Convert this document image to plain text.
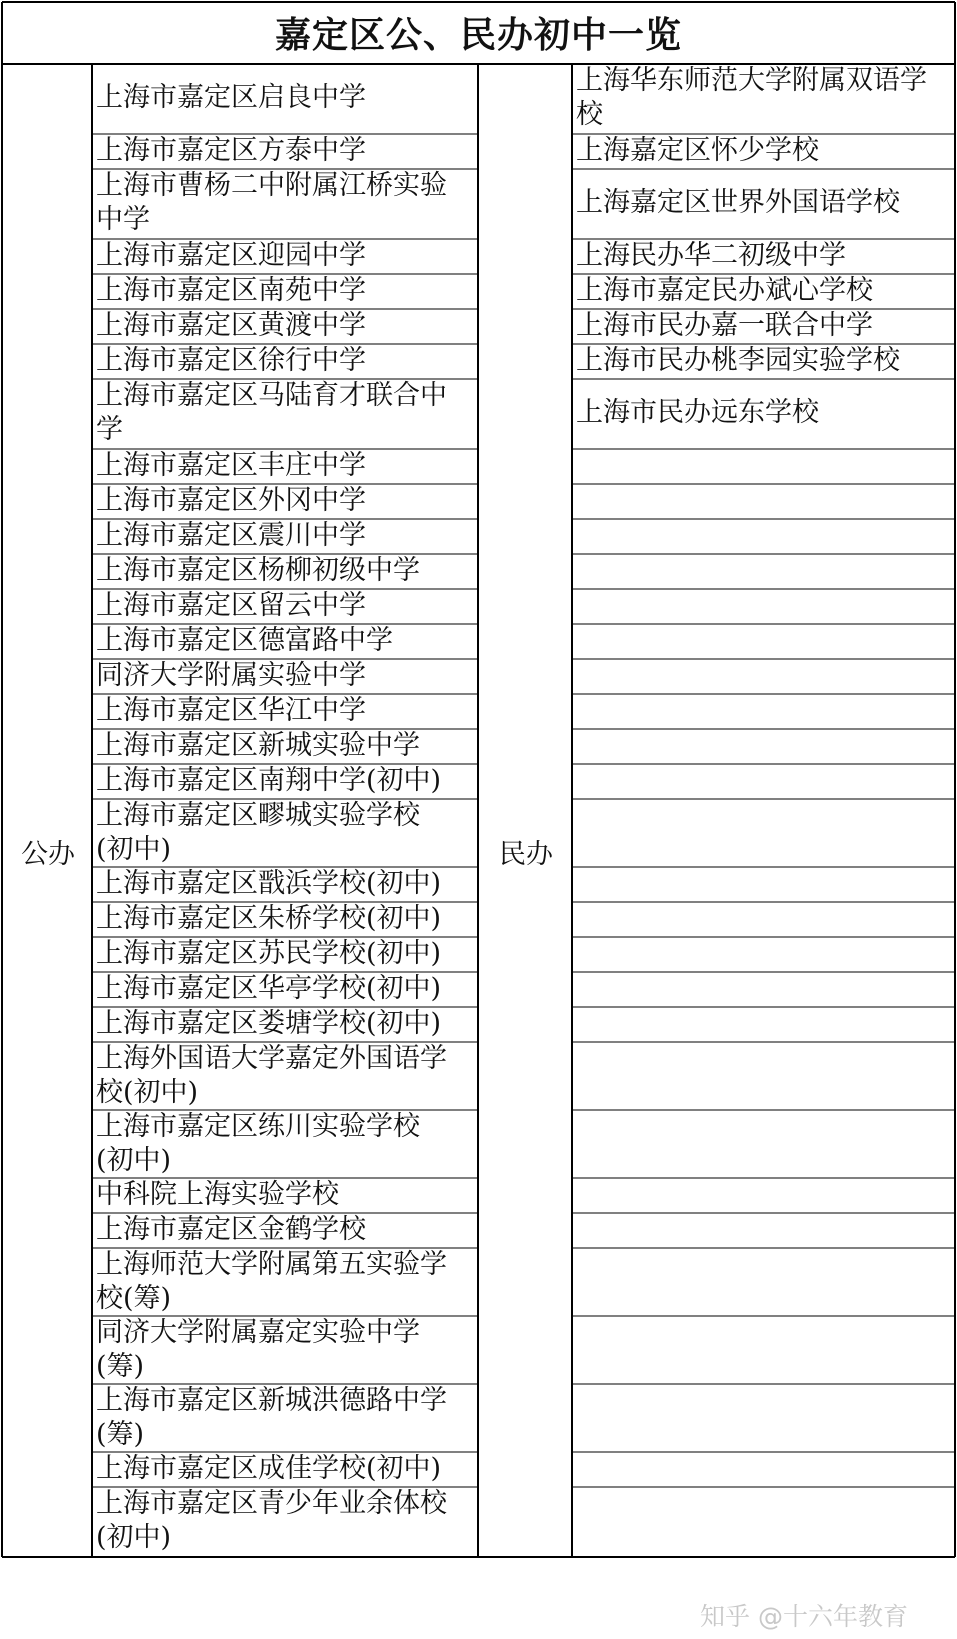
嘉定区公、民办初中一览
公办	民办
上海市嘉定区启良中学
上海市嘉定区方泰中学
上海市曹杨二中附属江桥实验
中学
上海市嘉定区迎园中学
上海市嘉定区南苑中学
上海市嘉定区黄渡中学
上海市嘉定区徐行中学
上海市嘉定区马陆育才联合中
学
上海市嘉定区丰庄中学
上海市嘉定区外冈中学
上海市嘉定区震川中学
上海市嘉定区杨柳初级中学
上海市嘉定区留云中学
上海市嘉定区德富路中学
同济大学附属实验中学
上海市嘉定区华江中学
上海市嘉定区新城实验中学
上海市嘉定区南翔中学(初中)
上海市嘉定区疁城实验学校
(初中)
上海市嘉定区戬浜学校(初中)
上海市嘉定区朱桥学校(初中)
上海市嘉定区苏民学校(初中)
上海市嘉定区华亭学校(初中)
上海市嘉定区娄塘学校(初中)
上海外国语大学嘉定外国语学
校(初中)
上海市嘉定区练川实验学校
(初中)
中科院上海实验学校
上海市嘉定区金鹤学校
上海师范大学附属第五实验学
校(筹)
同济大学附属嘉定实验中学
(筹)
上海市嘉定区新城洪德路中学
(筹)
上海市嘉定区成佳学校(初中)
上海市嘉定区青少年业余体校
(初中)
上海华东师范大学附属双语学
校
上海嘉定区怀少学校
上海嘉定区世界外国语学校
上海民办华二初级中学
上海市嘉定民办斌心学校
上海市民办嘉一联合中学
上海市民办桃李园实验学校
上海市民办远东学校
知乎 @十六年教育
